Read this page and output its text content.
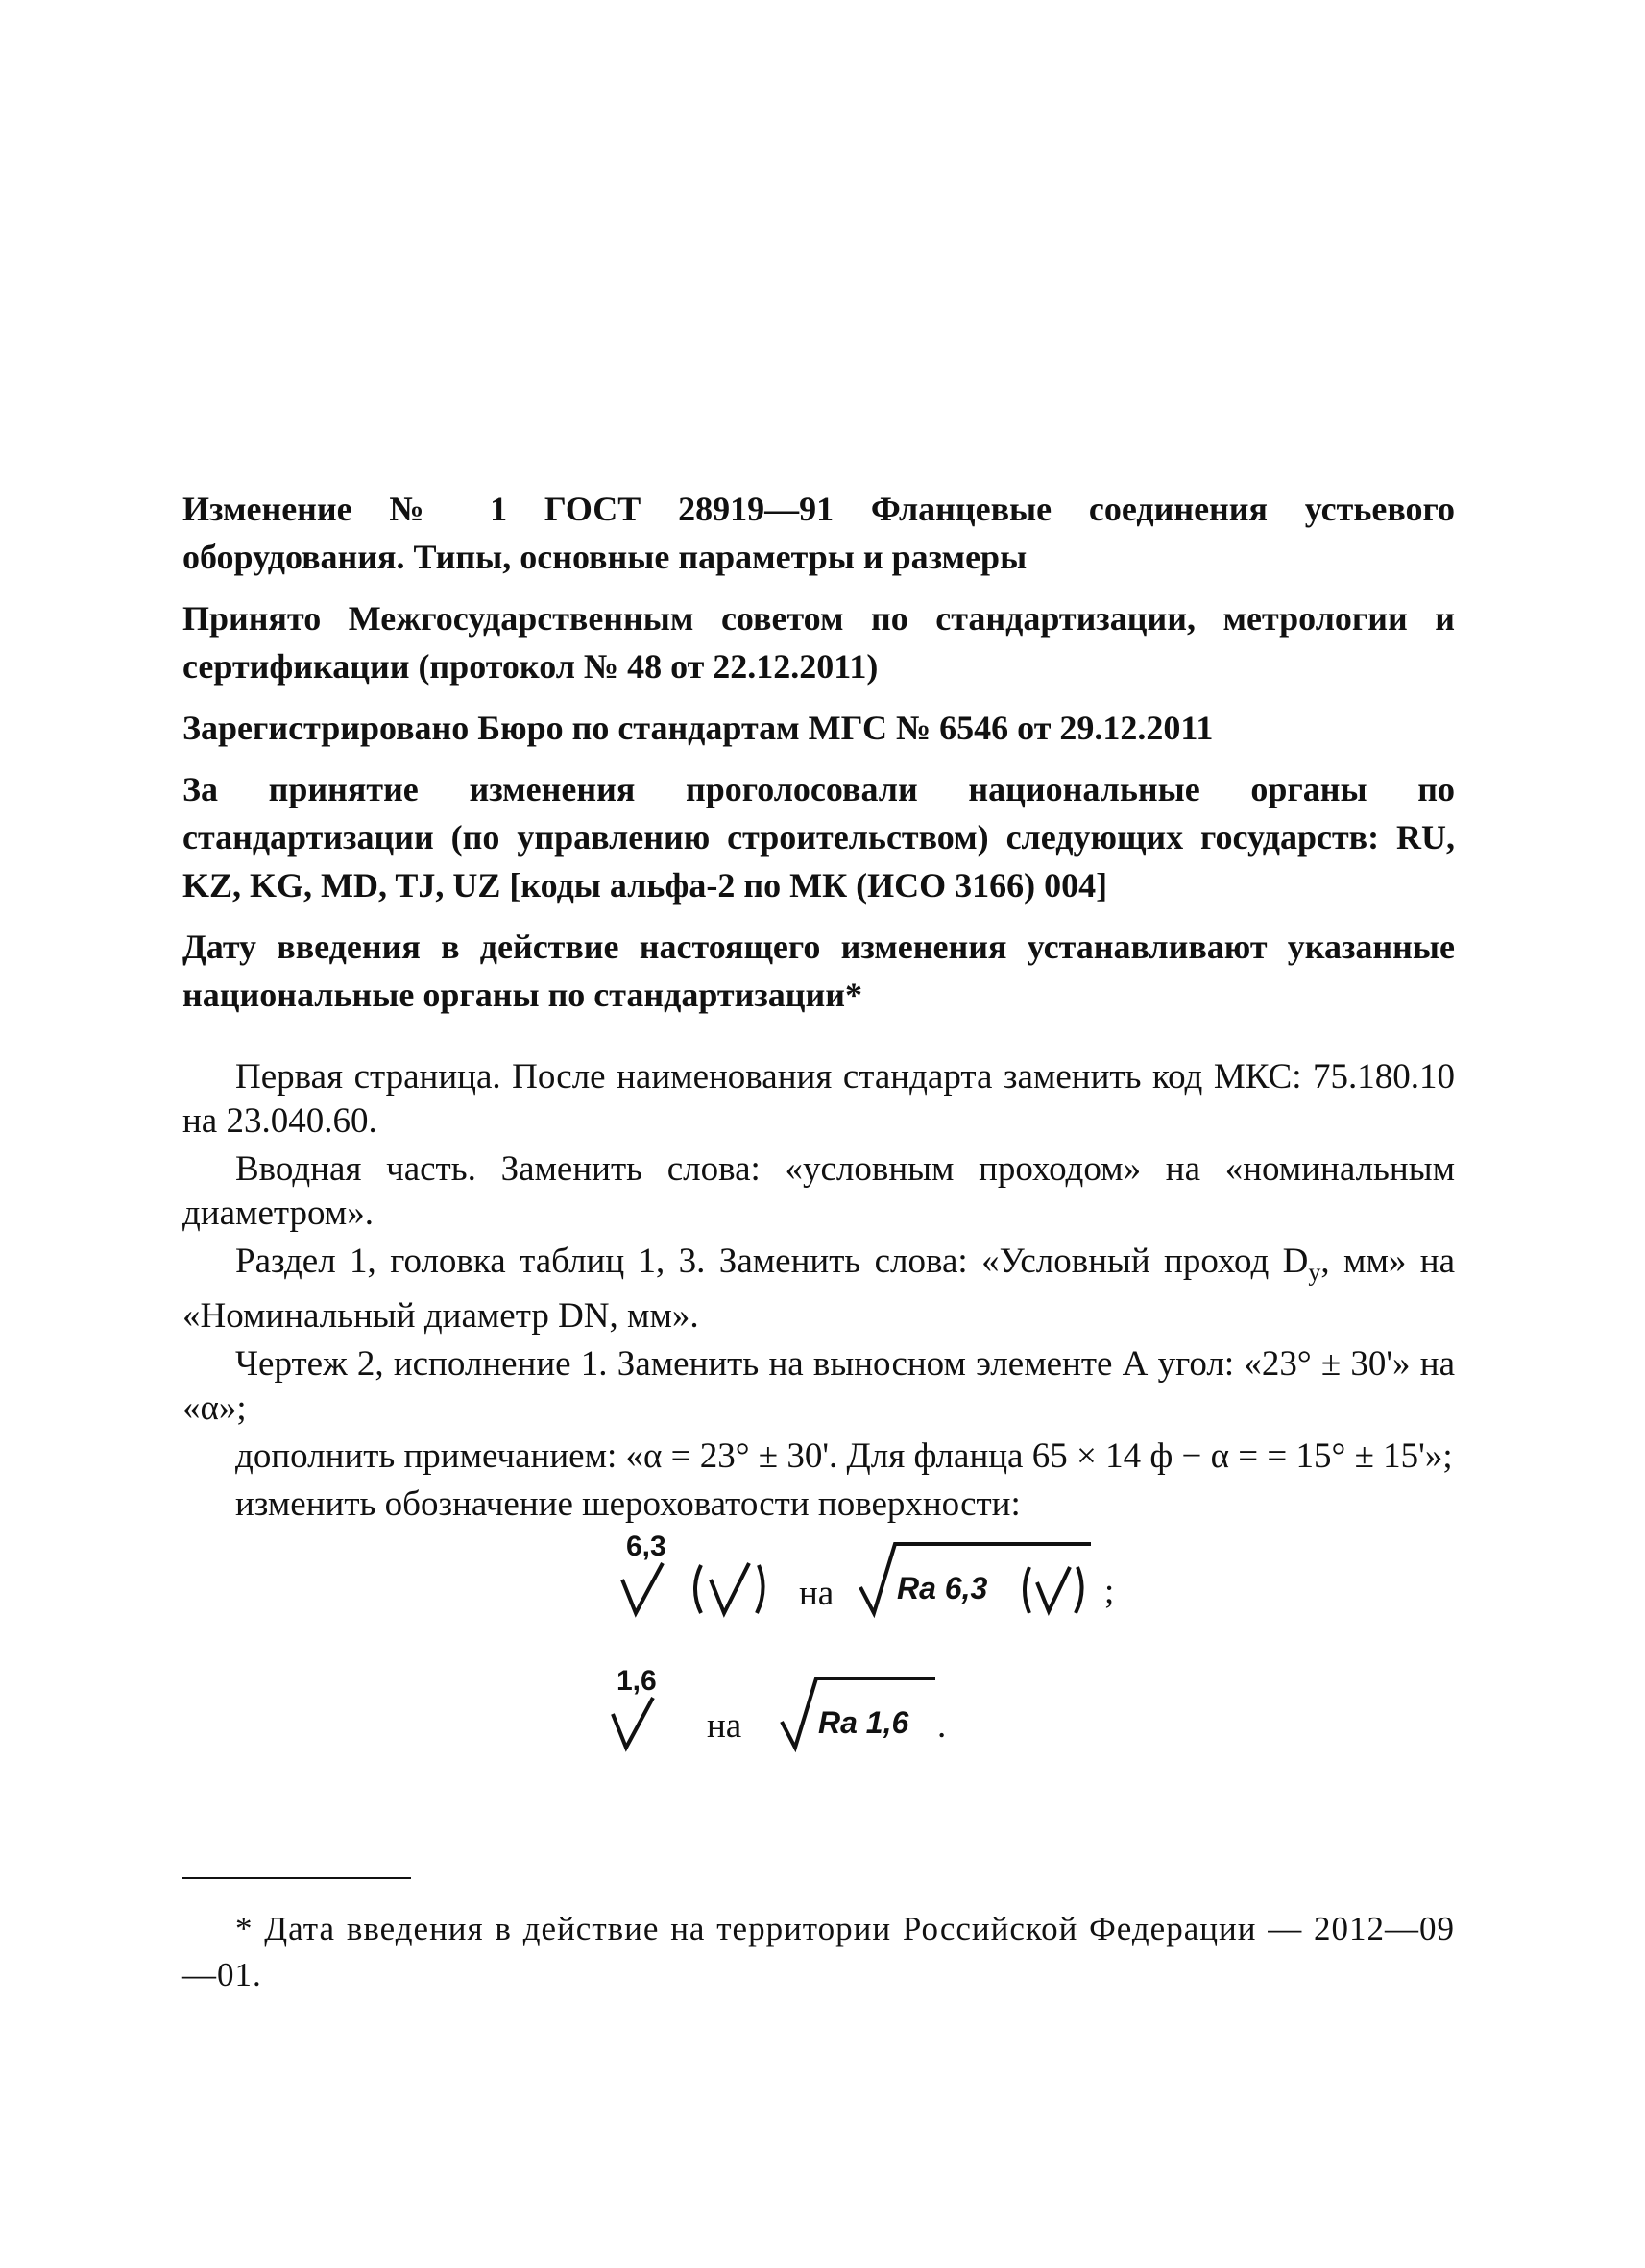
Изменение № 1 ГОСТ 28919—91 Фланцевые соединения устьевого оборудования. Типы, основные параметры и размеры

Принято Межгосударственным советом по стандартизации, метрологии и сертификации (протокол № 48 от 22.12.2011)

Зарегистрировано Бюро по стандартам МГС № 6546 от 29.12.2011

За принятие изменения проголосовали национальные органы по стандартизации (по управлению строительством) следующих государств: RU, KZ, KG, MD, TJ, UZ [коды альфа-2 по МК (ИСО 3166) 004]

Дату введения в действие настоящего изменения устанавливают указанные национальные органы по стандартизации*

Первая страница. После наименования стандарта заменить код МКС: 75.180.10 на 23.040.60.

Вводная часть. Заменить слова: «условным проходом» на «номинальным диаметром».

Раздел 1, головка таблиц 1, 3. Заменить слова: «Условный проход $D_у$, мм» на «Номинальный диаметр DN, мм».

Чертеж 2, исполнение 1. Заменить на выносном элементе А угол: «23° ± 30'» на «α»;

дополнить примечанием: «α = 23° ± 30'. Для фланца 65 × 14 ф − α = = 15° ± 15'»;

изменить обозначение шероховатости поверхности:

6,3
на Ra 6,3	;
1,6
на Ra 1,6 .
* Дата введения в действие на территории Российской Федерации — 2012—09—01.
